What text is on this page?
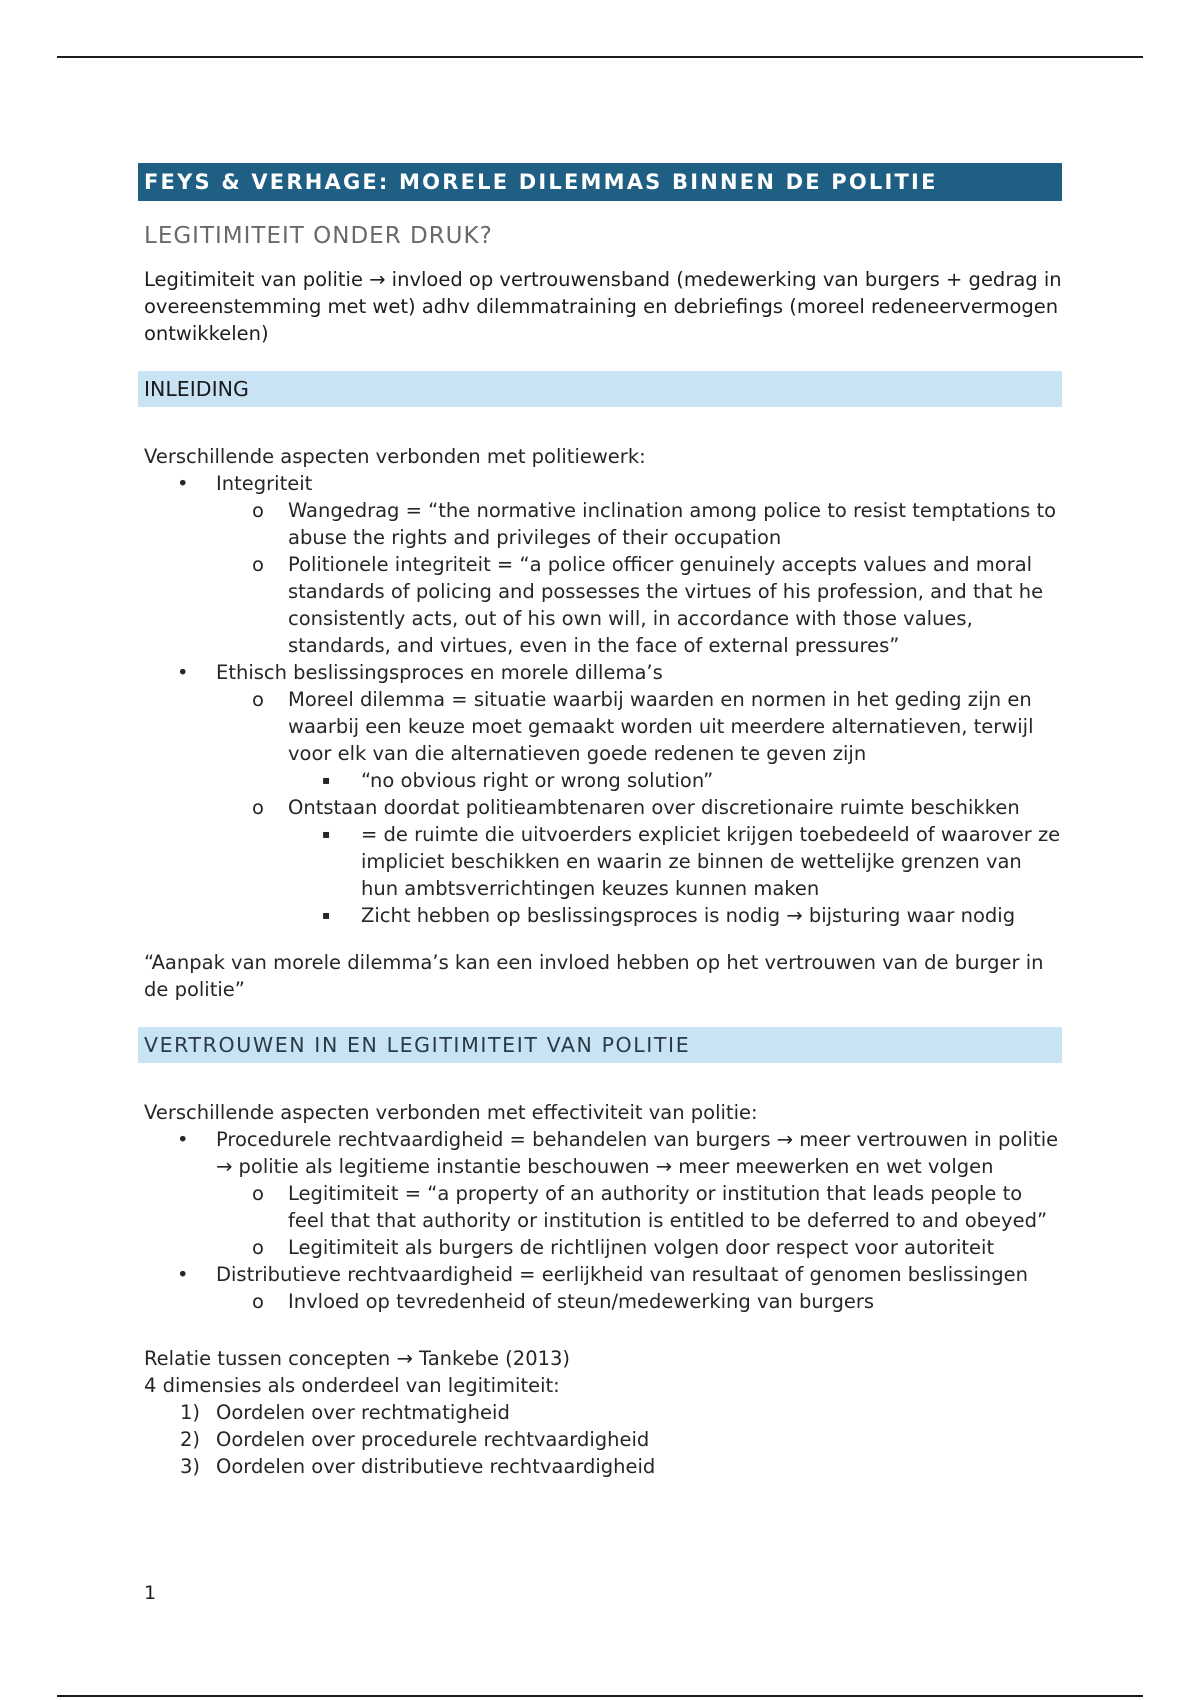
FEYS & VERHAGE: MORELE DILEMMAS BINNEN DE POLITIE
LEGITIMITEIT ONDER DRUK?
Legitimiteit van politie → invloed op vertrouwensband (medewerking van burgers + gedrag in overeenstemming met wet) adhv dilemmatraining en debriefings (moreel redeneervermogen ontwikkelen)
INLEIDING
Verschillende aspecten verbonden met politiewerk:
• Integriteit
o Wangedrag = “the normative inclination among police to resist temptations to abuse the rights and privileges of their occupation
o Politionele integriteit = “a police officer genuinely accepts values and moral standards of policing and possesses the virtues of his profession, and that he consistently acts, out of his own will, in accordance with those values, standards, and virtues, even in the face of external pressures”
• Ethisch beslissingsproces en morele dillema’s
o Moreel dilemma = situatie waarbij waarden en normen in het geding zijn en waarbij een keuze moet gemaakt worden uit meerdere alternatieven, terwijl voor elk van die alternatieven goede redenen te geven zijn
▪ “no obvious right or wrong solution”
o Ontstaan doordat politieambtenaren over discretionaire ruimte beschikken
▪ = de ruimte die uitvoerders expliciet krijgen toebedeeld of waarover ze impliciet beschikken en waarin ze binnen de wettelijke grenzen van hun ambtsverrichtingen keuzes kunnen maken
▪ Zicht hebben op beslissingsproces is nodig → bijsturing waar nodig
“Aanpak van morele dilemma’s kan een invloed hebben op het vertrouwen van de burger in de politie”
VERTROUWEN IN EN LEGITIMITEIT VAN POLITIE
Verschillende aspecten verbonden met effectiviteit van politie:
• Procedurele rechtvaardigheid = behandelen van burgers → meer vertrouwen in politie → politie als legitieme instantie beschouwen → meer meewerken en wet volgen
o Legitimiteit = “a property of an authority or institution that leads people to feel that that authority or institution is entitled to be deferred to and obeyed”
o Legitimiteit als burgers de richtlijnen volgen door respect voor autoriteit
• Distributieve rechtvaardigheid = eerlijkheid van resultaat of genomen beslissingen
o Invloed op tevredenheid of steun/medewerking van burgers
Relatie tussen concepten → Tankebe (2013)
4 dimensies als onderdeel van legitimiteit:
1) Oordelen over rechtmatigheid
2) Oordelen over procedurele rechtvaardigheid
3) Oordelen over distributieve rechtvaardigheid
1
